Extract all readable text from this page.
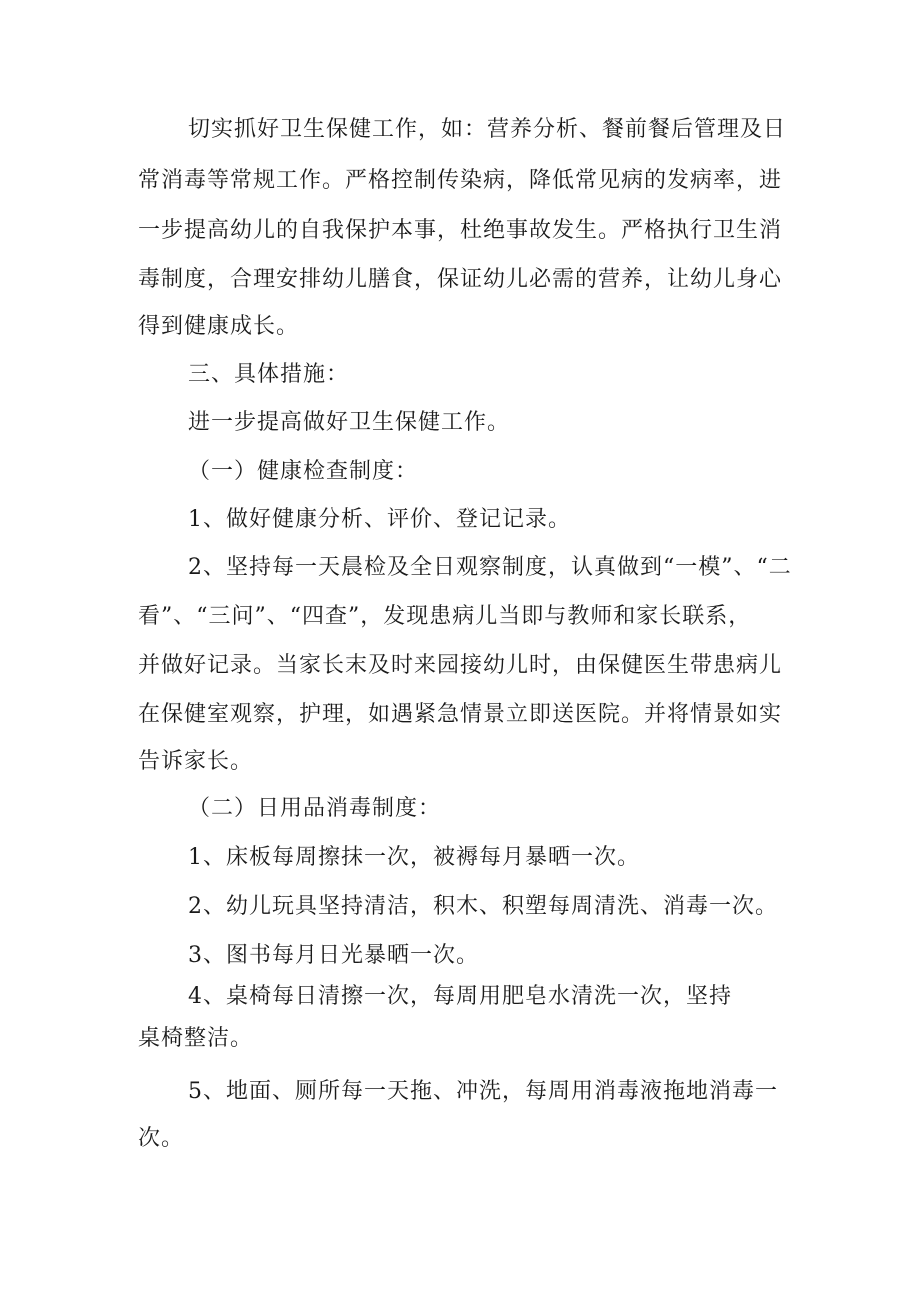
切实抓好卫生保健工作，如：营养分析、餐前餐后管理及日
常消毒等常规工作。严格控制传染病，降低常见病的发病率，进
一步提高幼儿的自我保护本事，杜绝事故发生。严格执行卫生消
毒制度，合理安排幼儿膳食，保证幼儿必需的营养，让幼儿身心
得到健康成长。
三、具体措施：
进一步提高做好卫生保健工作。
（一）健康检查制度：
1、做好健康分析、评价、登记记录。
2、坚持每一天晨检及全日观察制度，认真做到“一模”、“二
看”、“三问”、“四查”，发现患病儿当即与教师和家长联系，
并做好记录。当家长末及时来园接幼儿时，由保健医生带患病儿
在保健室观察，护理，如遇紧急情景立即送医院。并将情景如实
告诉家长。
（二）日用品消毒制度：
1、床板每周擦抹一次，被褥每月暴晒一次。
2、幼儿玩具坚持清洁，积木、积塑每周清洗、消毒一次。
3、图书每月日光暴晒一次。
4、桌椅每日清擦一次，每周用肥皂水清洗一次，坚持
桌椅整洁。
5、地面、厕所每一天拖、冲洗，每周用消毒液拖地消毒一
次。
